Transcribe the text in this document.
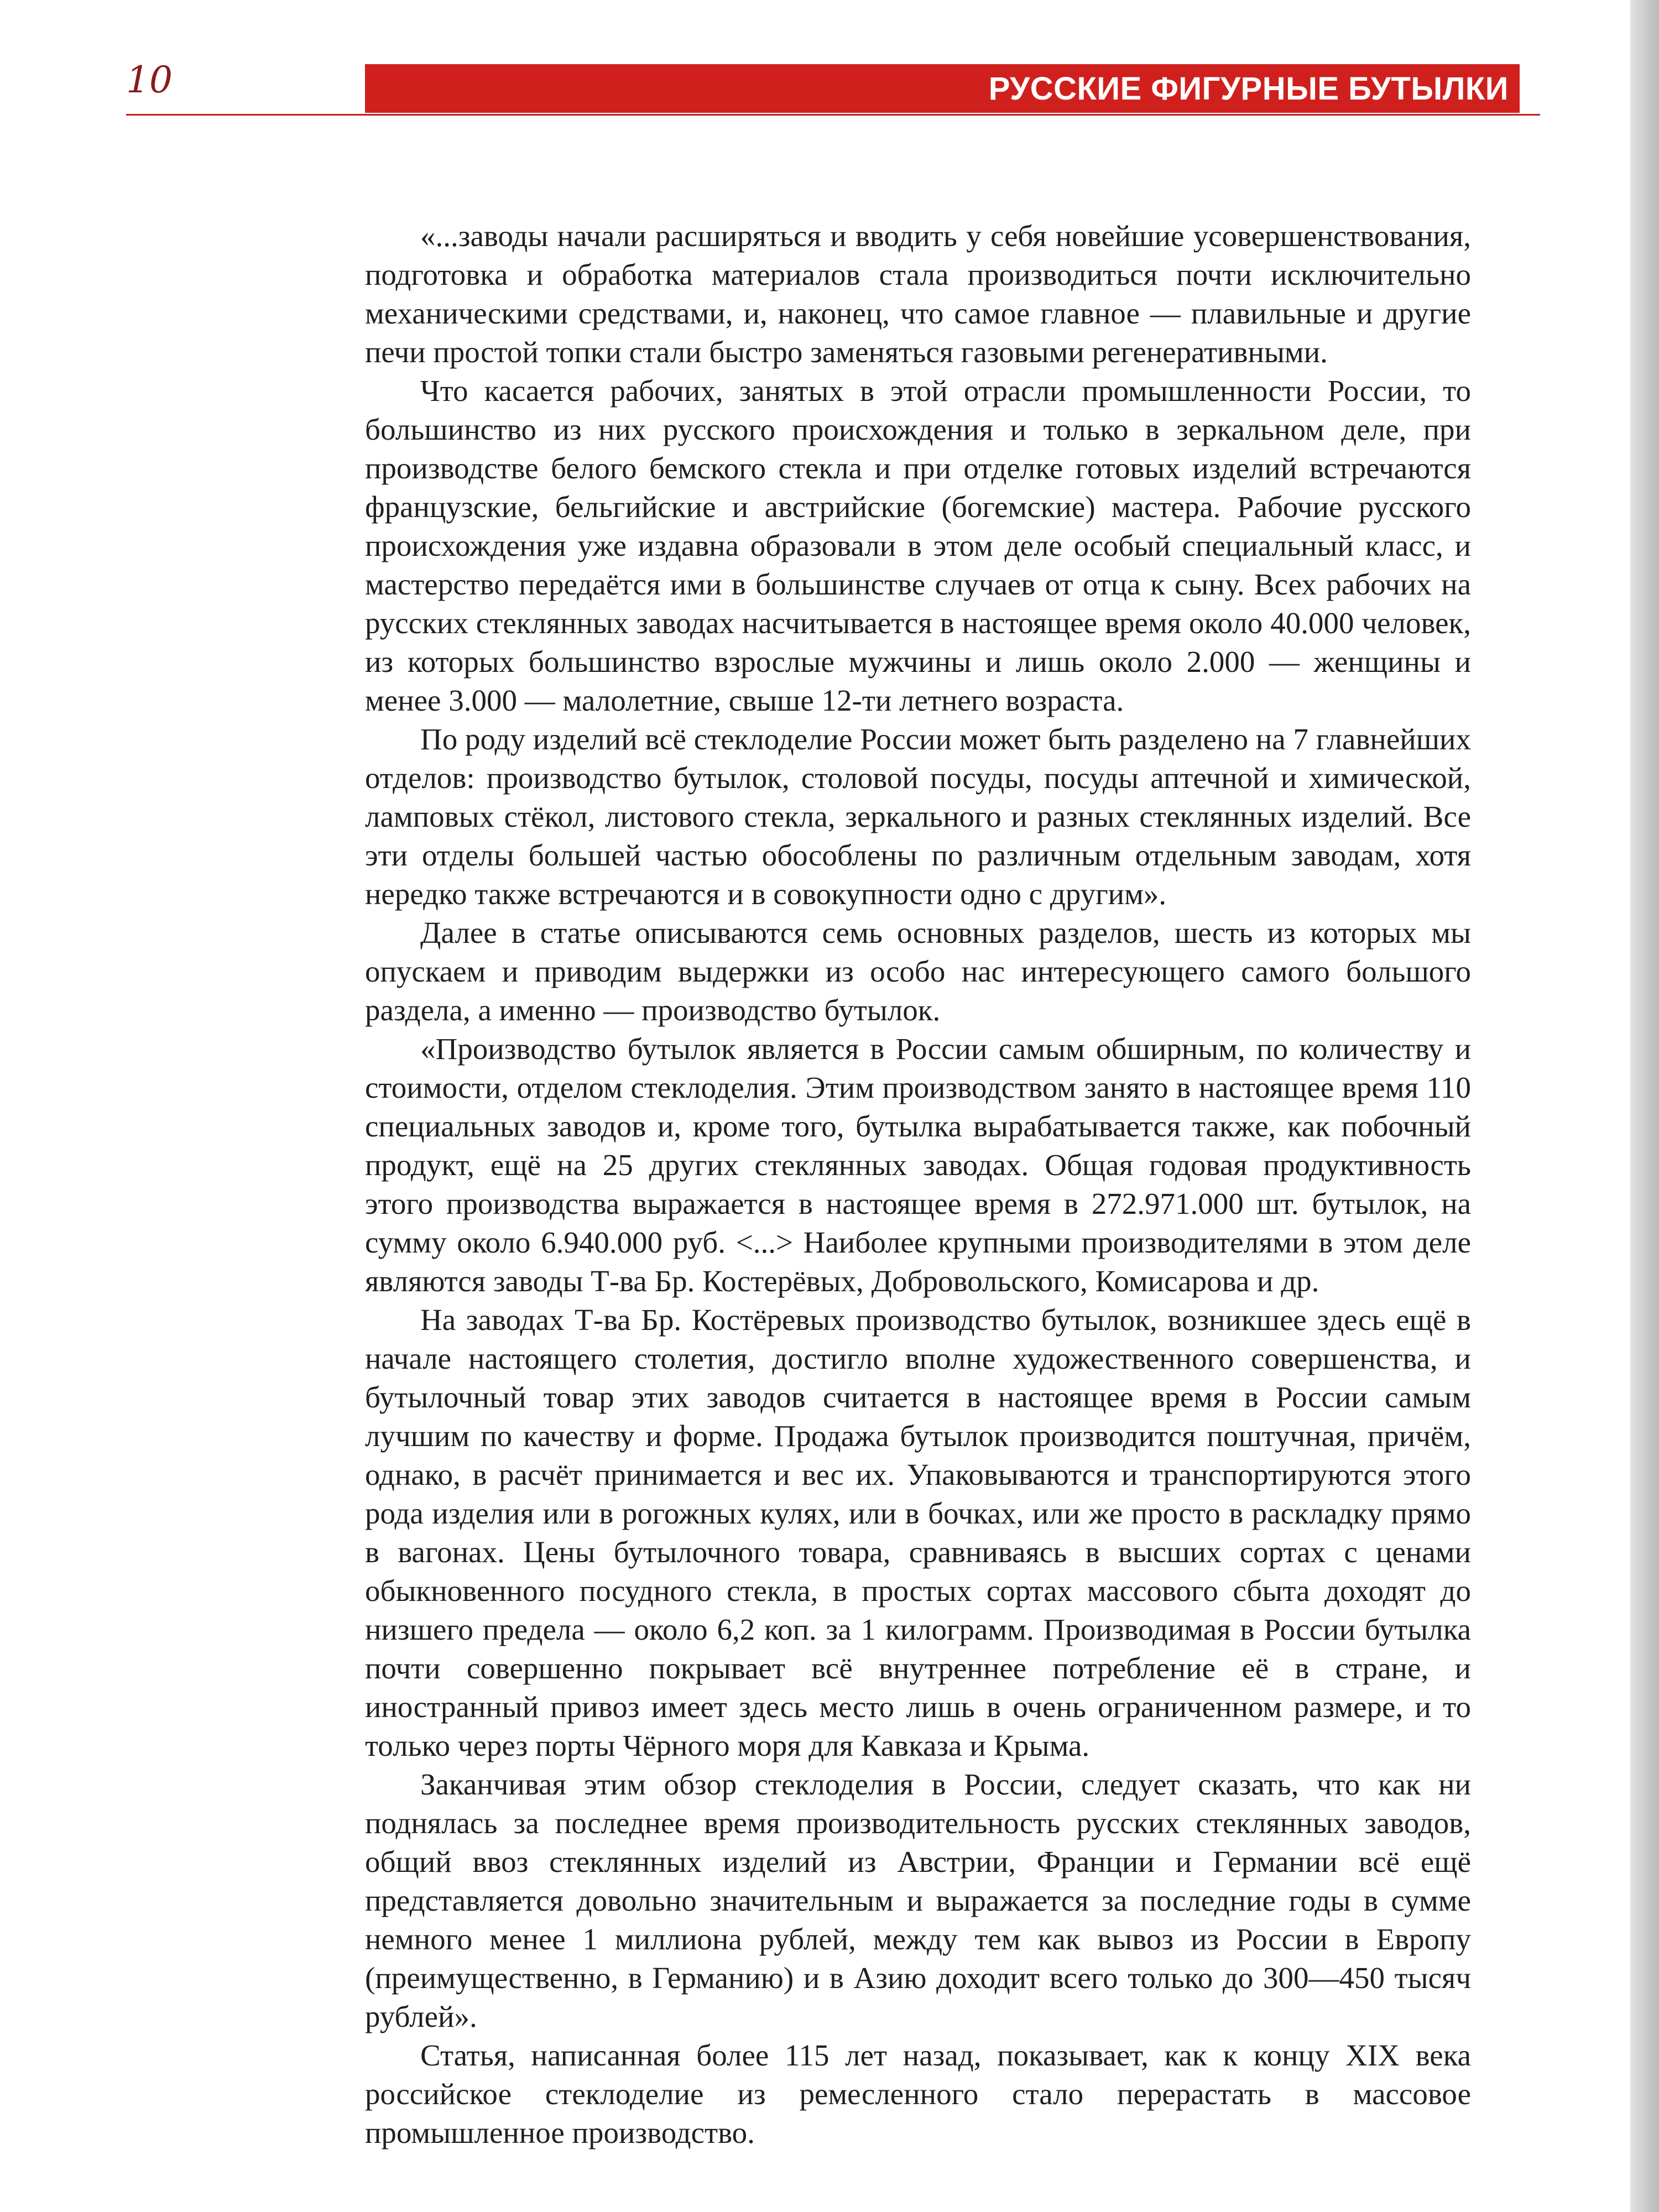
10	РУССКИЕ ФИГУРНЫЕ БУТЫЛКИ

«...заводы начали расширяться и вводить у себя новейшие усовершенствования, подготовка и обработка материалов стала производиться почти исключительно механическими средствами, и, наконец, что самое главное — плавильные и другие печи простой топки стали быстро заменяться газовыми регенеративными.

Что касается рабочих, занятых в этой отрасли промышленности России, то большинство из них русского происхождения и только в зеркальном деле, при производстве белого бемского стекла и при отделке готовых изделий встречаются французские, бельгийские и австрийские (богемские) мастера. Рабочие русского происхождения уже издавна образовали в этом деле особый специальный класс, и мастерство передаётся ими в большинстве случаев от отца к сыну. Всех рабочих на русских стеклянных заводах насчитывается в настоящее время около 40.000 человек, из которых большинство взрослые мужчины и лишь около 2.000 — женщины и менее 3.000 — малолетние, свыше 12-ти летнего возраста.

По роду изделий всё стеклоделие России может быть разделено на 7 главнейших отделов: производство бутылок, столовой посуды, посуды аптечной и химической, ламповых стёкол, листового стекла, зеркального и разных стеклянных изделий. Все эти отделы большей частью обособлены по различным отдельным заводам, хотя нередко также встречаются и в совокупности одно с другим».

Далее в статье описываются семь основных разделов, шесть из которых мы опускаем и приводим выдержки из особо нас интересующего самого большого раздела, а именно — производство бутылок.

«Производство бутылок является в России самым обширным, по количеству и стоимости, отделом стеклоделия. Этим производством занято в настоящее время 110 специальных заводов и, кроме того, бутылка вырабатывается также, как побочный продукт, ещё на 25 других стеклянных заводах. Общая годовая продуктивность этого производства выражается в настоящее время в 272.971.000 шт. бутылок, на сумму около 6.940.000 руб. <...> Наиболее крупными производителями в этом деле являются заводы Т-ва Бр. Костерёвых, Добровольского, Комисарова и др.

На заводах Т-ва Бр. Костёревых производство бутылок, возникшее здесь ещё в начале настоящего столетия, достигло вполне художественного совершенства, и бутылочный товар этих заводов считается в настоящее время в России самым лучшим по качеству и форме. Продажа бутылок производится поштучная, причём, однако, в расчёт принимается и вес их. Упаковываются и транспортируются этого рода изделия или в рогожных кулях, или в бочках, или же просто в раскладку прямо в вагонах. Цены бутылочного товара, сравниваясь в высших сортах с ценами обыкновенного посудного стекла, в простых сортах массового сбыта доходят до низшего предела — около 6,2 коп. за 1 килограмм. Производимая в России бутылка почти совершенно покрывает всё внутреннее потребление её в стране, и иностранный привоз имеет здесь место лишь в очень ограниченном размере, и то только через порты Чёрного моря для Кавказа и Крыма.

Заканчивая этим обзор стеклоделия в России, следует сказать, что как ни поднялась за последнее время производительность русских стеклянных заводов, общий ввоз стеклянных изделий из Австрии, Франции и Германии всё ещё представляется довольно значительным и выражается за последние годы в сумме немного менее 1 миллиона рублей, между тем как вывоз из России в Европу (преимущественно, в Германию) и в Азию доходит всего только до 300—450 тысяч рублей».

Статья, написанная более 115 лет назад, показывает, как к концу XIX века российское стеклоделие из ремесленного стало перерастать в массовое промышленное производство.
